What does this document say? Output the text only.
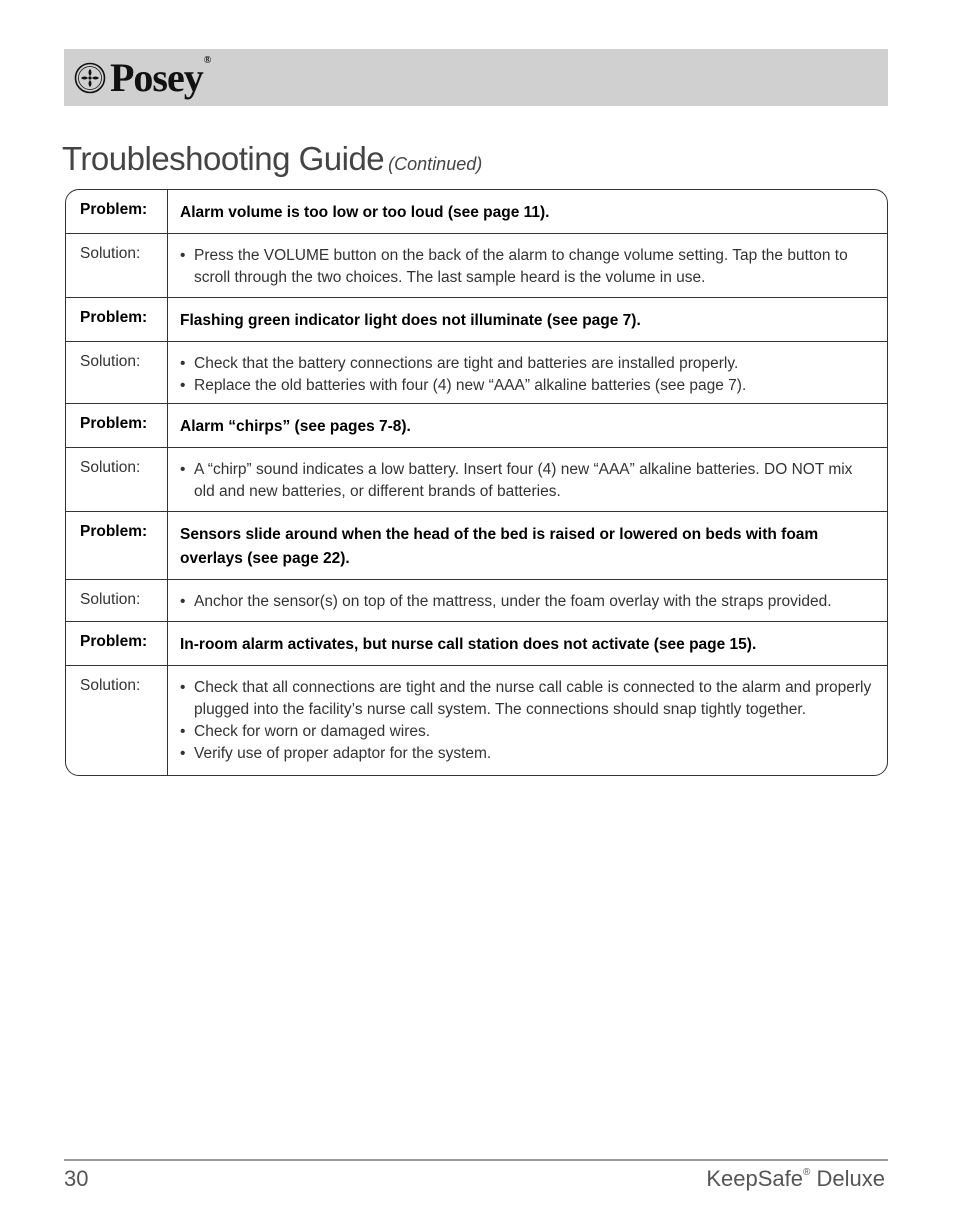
Posey®
Troubleshooting Guide (Continued)
Problem:	Alarm volume is too low or too loud (see page 11).
Solution:	• Press the VOLUME button on the back of the alarm to change volume setting. Tap the button to scroll through the two choices. The last sample heard is the volume in use.
Problem:	Flashing green indicator light does not illuminate (see page 7).
Solution:	• Check that the battery connections are tight and batteries are installed properly.
• Replace the old batteries with four (4) new “AAA” alkaline batteries (see page 7).
Problem:	Alarm “chirps” (see pages 7-8).
Solution:	• A “chirp” sound indicates a low battery. Insert four (4) new “AAA” alkaline batteries. DO NOT mix old and new batteries, or different brands of batteries.
Problem:	Sensors slide around when the head of the bed is raised or lowered on beds with foam overlays (see page 22).
Solution:	• Anchor the sensor(s) on top of the mattress, under the foam overlay with the straps provided.
Problem:	In-room alarm activates, but nurse call station does not activate (see page 15).
Solution:	• Check that all connections are tight and the nurse call cable is connected to the alarm and properly plugged into the facility’s nurse call system. The connections should snap tightly together.
• Check for worn or damaged wires.
• Verify use of proper adaptor for the system.
30	KeepSafe® Deluxe
